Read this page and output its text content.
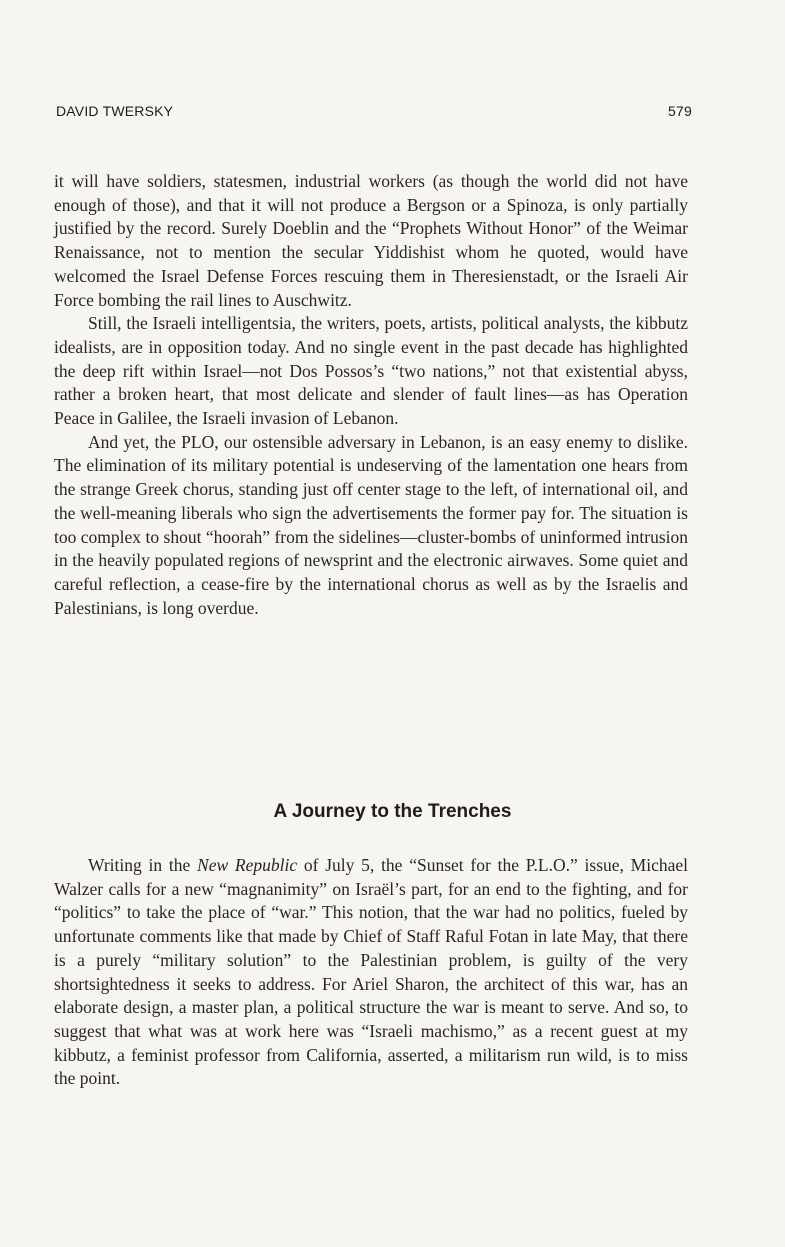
DAVID TWERSKY	579

it will have soldiers, statesmen, industrial workers (as though the world did not have enough of those), and that it will not produce a Bergson or a Spinoza, is only partially justified by the record. Surely Doeblin and the “Prophets Without Honor” of the Weimar Renaissance, not to mention the secular Yiddishist whom he quoted, would have welcomed the Israel Defense Forces rescuing them in Theresienstadt, or the Israeli Air Force bombing the rail lines to Auschwitz.

Still, the Israeli intelligentsia, the writers, poets, artists, political analysts, the kibbutz idealists, are in opposition today. And no single event in the past decade has highlighted the deep rift within Israel—not Dos Possos’s “two nations,” not that existential abyss, rather a broken heart, that most delicate and slender of fault lines—as has Operation Peace in Galilee, the Israeli invasion of Lebanon.

And yet, the PLO, our ostensible adversary in Lebanon, is an easy enemy to dislike. The elimination of its military potential is undeserving of the lamentation one hears from the strange Greek chorus, standing just off center stage to the left, of international oil, and the well-meaning liberals who sign the advertisements the former pay for. The situation is too complex to shout “hoorah” from the sidelines—cluster-bombs of uninformed intrusion in the heavily populated regions of newsprint and the electronic airwaves. Some quiet and careful reflection, a cease-fire by the international chorus as well as by the Israelis and Palestinians, is long overdue.

A Journey to the Trenches

Writing in the New Republic of July 5, the “Sunset for the P.L.O.” issue, Michael Walzer calls for a new “magnanimity” on Israël’s part, for an end to the fighting, and for “politics” to take the place of “war.” This notion, that the war had no politics, fueled by unfortunate comments like that made by Chief of Staff Raful Fotan in late May, that there is a purely “military solution” to the Palestinian problem, is guilty of the very shortsightedness it seeks to address. For Ariel Sharon, the architect of this war, has an elaborate design, a master plan, a political structure the war is meant to serve. And so, to suggest that what was at work here was “Israeli machismo,” as a recent guest at my kibbutz, a feminist professor from California, asserted, a militarism run wild, is to miss the point.
